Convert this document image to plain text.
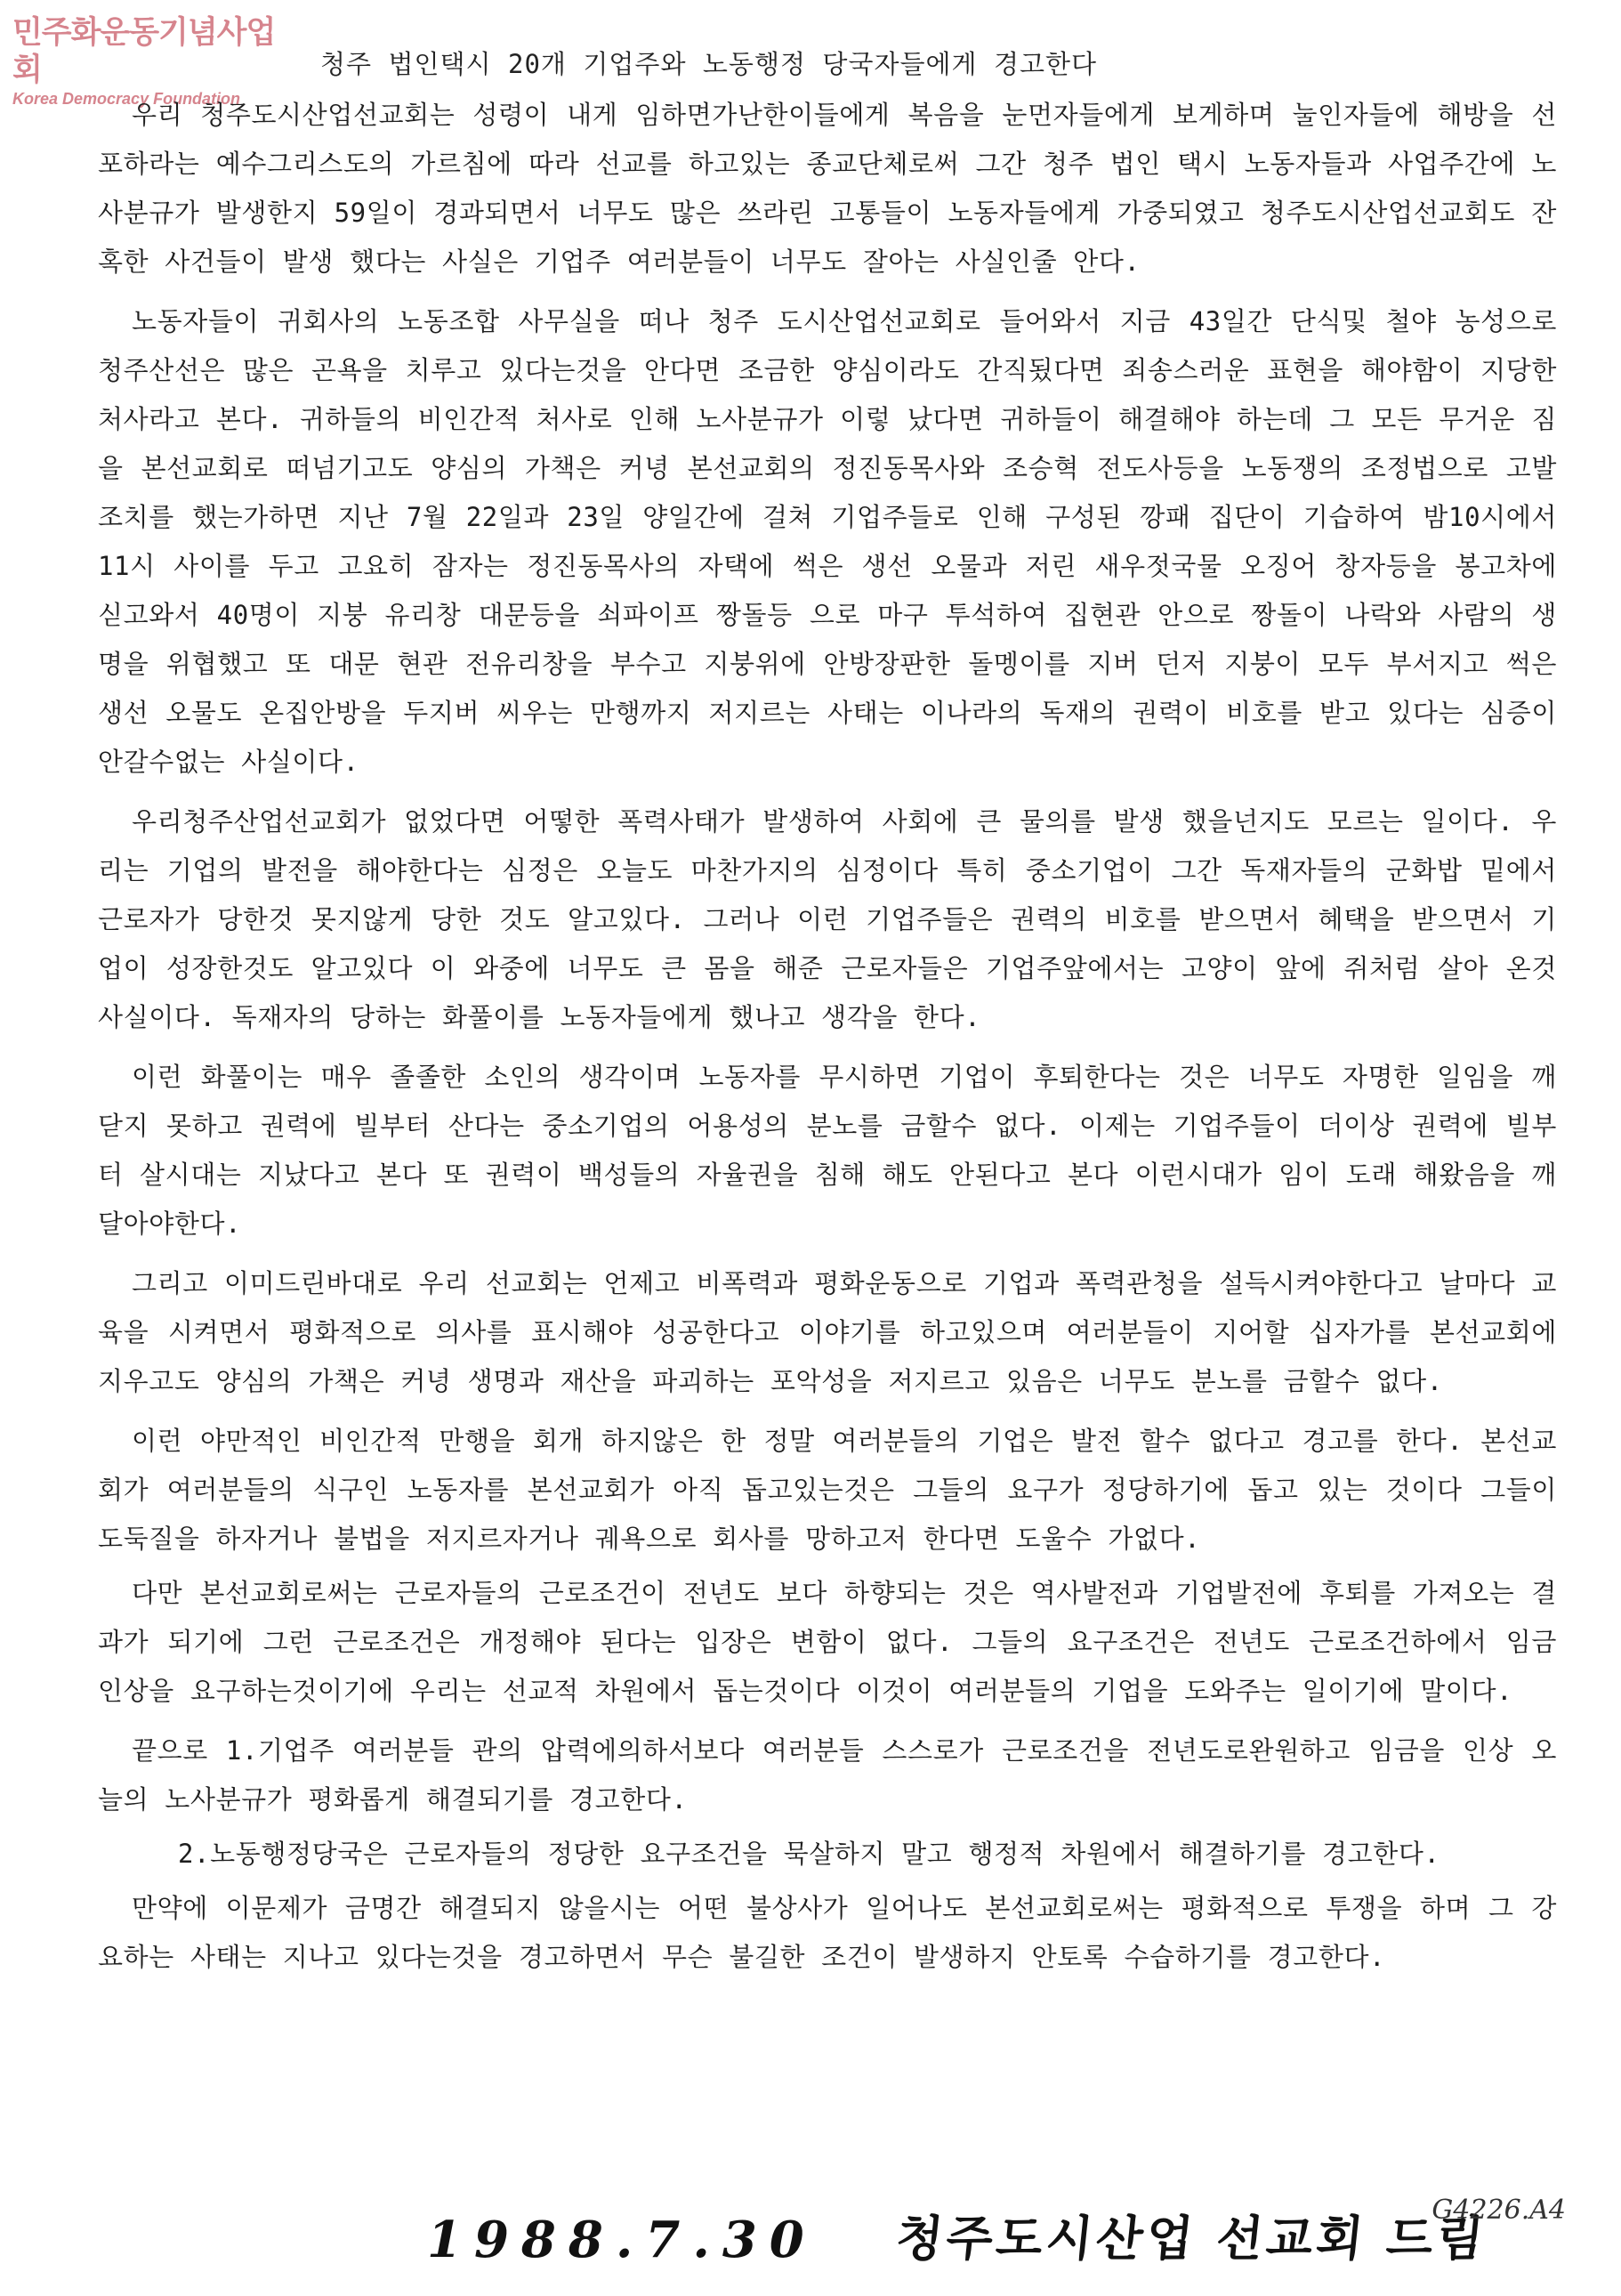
민주화운동기념사업회
Korea Democracy Foundation
청주 법인택시 20개 기업주와 노동행정 당국자들에게 경고한다

우리 청주도시산업선교회는 성령이 내게 임하면가난한이들에게 복음을 눈먼자들에게 보게하며 눌인자들에 해방을 선포하라는 예수그리스도의 가르침에 따라 선교를 하고있는 종교단체로써 그간 청주 법인 택시 노동자들과 사업주간에 노사분규가 발생한지 59일이 경과되면서 너무도 많은 쓰라린 고통들이 노동자들에게 가중되였고 청주도시산업선교회도 잔혹한 사건들이 발생 했다는 사실은 기업주 여러분들이 너무도 잘아는 사실인줄 안다.

노동자들이 귀회사의 노동조합 사무실을 떠나 청주 도시산업선교회로 들어와서 지금 43일간 단식및 철야 농성으로 청주산선은 많은 곤욕을 치루고 있다는것을 안다면 조금한 양심이라도 간직됬다면 죄송스러운 표현을 해야함이 지당한 처사라고 본다. 귀하들의 비인간적 처사로 인해 노사분규가 이렇 났다면 귀하들이 해결해야 하는데 그 모든 무거운 짐을 본선교회로 떠넘기고도 양심의 가책은 커녕 본선교회의 정진동목사와 조승혁 전도사등을 노동쟁의 조정법으로 고발조치를 했는가하면 지난 7월 22일과 23일 양일간에 걸쳐 기업주들로 인해 구성된 깡패 집단이 기습하여 밤10시에서 11시 사이를 두고 고요히 잠자는 정진동목사의 자택에 썩은 생선 오물과 저린 새우젓국물 오징어 창자등을 봉고차에 싣고와서 40명이 지붕 유리창 대문등을 쇠파이프 짱돌등 으로 마구 투석하여 집현관 안으로 짱돌이 나락와 사람의 생명을 위협했고 또 대문 현관 전유리창을 부수고 지붕위에 안방장판한 돌멩이를 지버 던저 지붕이 모두 부서지고 썩은 생선 오물도 온집안방을 두지버 씨우는 만행까지 저지르는 사태는 이나라의 독재의 권력이 비호를 받고 있다는 심증이 안갈수없는 사실이다.

우리청주산업선교회가 없었다면 어떻한 폭력사태가 발생하여 사회에 큰 물의를 발생 했을넌지도 모르는 일이다. 우리는 기업의 발전을 해야한다는 심정은 오늘도 마찬가지의 심정이다 특히 중소기업이 그간 독재자들의 군화밥 밑에서 근로자가 당한것 못지않게 당한 것도 알고있다. 그러나 이런 기업주들은 권력의 비호를 받으면서 혜택을 받으면서 기업이 성장한것도 알고있다 이 와중에 너무도 큰 몸을 해준 근로자들은 기업주앞에서는 고양이 앞에 쥐처럼 살아 온것 사실이다. 독재자의 당하는 화풀이를 노동자들에게 했나고 생각을 한다.

이런 화풀이는 매우 졸졸한 소인의 생각이며 노동자를 무시하면 기업이 후퇴한다는 것은 너무도 자명한 일임을 깨 닫지 못하고 권력에 빌부터 산다는 중소기업의 어용성의 분노를 금할수 없다. 이제는 기업주들이 더이상 권력에 빌부터 살시대는 지났다고 본다 또 권력이 백성들의 자율권을 침해 해도 안된다고 본다 이런시대가 임이 도래 해왔음을 깨달아야한다.

그리고 이미드린바대로 우리 선교회는 언제고 비폭력과 평화운동으로 기업과 폭력관청을 설득시켜야한다고 날마다 교육을 시켜면서 평화적으로 의사를 표시해야 성공한다고 이야기를 하고있으며 여러분들이 지어할 십자가를 본선교회에 지우고도 양심의 가책은 커녕 생명과 재산을 파괴하는 포악성을 저지르고 있음은 너무도 분노를 금할수 없다.

이런 야만적인 비인간적 만행을 회개 하지않은 한 정말 여러분들의 기업은 발전 할수 없다고 경고를 한다. 본선교회가 여러분들의 식구인 노동자를 본선교회가 아직 돕고있는것은 그들의 요구가 정당하기에 돕고 있는 것이다 그들이 도둑질을 하자거나 불법을 저지르자거나 궤욕으로 회사를 망하고저 한다면 도울수 가없다.

다만 본선교회로써는 근로자들의 근로조건이 전년도 보다 하향되는 것은 역사발전과 기업발전에 후퇴를 가져오는 결과가 되기에 그런 근로조건은 개정해야 된다는 입장은 변함이 없다. 그들의 요구조건은 전년도 근로조건하에서 임금 인상을 요구하는것이기에 우리는 선교적 차원에서 돕는것이다 이것이 여러분들의 기업을 도와주는 일이기에 말이다.

끝으로 1.기업주 여러분들 관의 압력에의하서보다 여러분들 스스로가 근로조건을 전년도로완원하고 임금을 인상 오늘의 노사분규가 평화롭게 해결되기를 경고한다.

2.노동행정당국은 근로자들의 정당한 요구조건을 묵살하지 말고 행정적 차원에서 해결하기를 경고한다.

만약에 이문제가 금명간 해결되지 않을시는 어떤 불상사가 일어나도 본선교회로써는 평화적으로 투쟁을 하며 그 강요하는 사태는 지나고 있다는것을 경고하면서 무슨 불길한 조건이 발생하지 안토록 수습하기를 경고한다.

1988.7.30 청주도시산업 선교회 드림
G4226.A4
